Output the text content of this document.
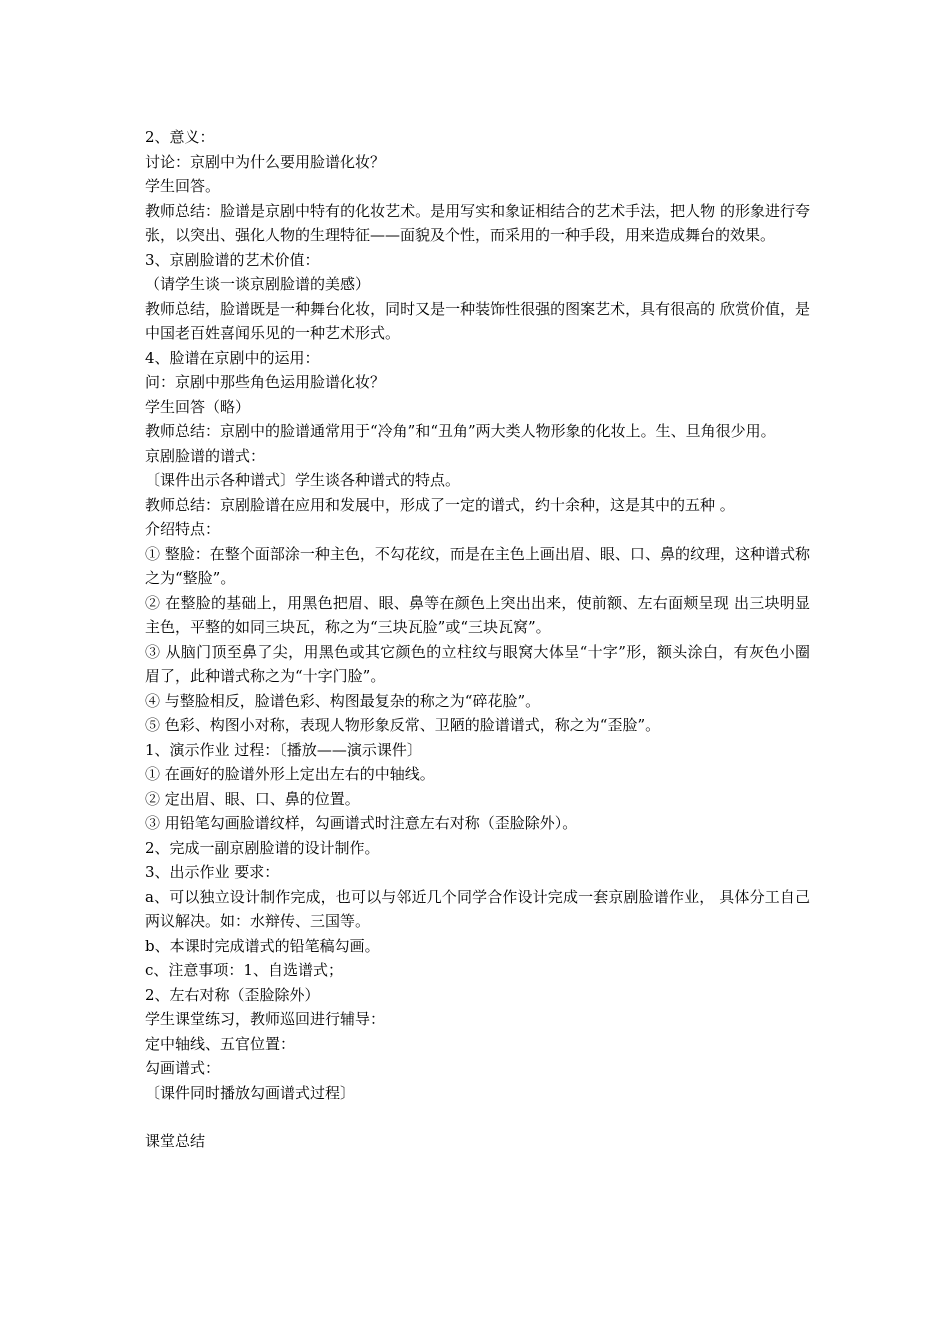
2、意义：

讨论：京剧中为什么要用脸谱化妆？

学生回答。

教师总结：脸谱是京剧中特有的化妆艺术。是用写实和象证相结合的艺术手法，把人物 的形象进行夸张，以突出、强化人物的生理特征——面貌及个性，而采用的一种手段，用来造成舞台的效果。

3、京剧脸谱的艺术价值：

（请学生谈一谈京剧脸谱的美感）

教师总结，脸谱既是一种舞台化妆，同时又是一种装饰性很强的图案艺术，具有很高的 欣赏价值，是中国老百姓喜闻乐见的一种艺术形式。

4、脸谱在京剧中的运用：

问：京剧中那些角色运用脸谱化妆？

学生回答（略）

教师总结：京剧中的脸谱通常用于“冷角”和“丑角”两大类人物形象的化妆上。生、旦角很少用。

京剧脸谱的谱式：

〔课件出示各种谱式〕学生谈各种谱式的特点。

教师总结：京剧脸谱在应用和发展中，形成了一定的谱式，约十余种，这是其中的五种 。

介绍特点：

① 整脸：在整个面部涂一种主色，不勾花纹，而是在主色上画出眉、眼、口、鼻的纹理，这种谱式称之为“整脸”。

② 在整脸的基础上，用黑色把眉、眼、鼻等在颜色上突出出来，使前额、左右面颊呈现 出三块明显主色，平整的如同三块瓦，称之为“三块瓦脸”或“三块瓦窝”。

③ 从脑门顶至鼻了尖，用黑色或其它颜色的立柱纹与眼窝大体呈“十字”形，额头涂白，有灰色小圈眉了，此种谱式称之为“十字门脸”。

④ 与整脸相反，脸谱色彩、构图最复杂的称之为“碎花脸”。

⑤ 色彩、构图小对称，表现人物形象反常、卫陋的脸谱谱式，称之为“歪脸”。

1、演示作业 过程：〔播放——演示课件〕

① 在画好的脸谱外形上定出左右的中轴线。

② 定出眉、眼、口、鼻的位置。

③ 用铅笔勾画脸谱纹样，勾画谱式时注意左右对称（歪脸除外）。

2、完成一副京剧脸谱的设计制作。

3、出示作业 要求：

a、可以独立设计制作完成，也可以与邻近几个同学合作设计完成一套京剧脸谱作业， 具体分工自己两议解决。如：水辩传、三国等。

b、本课时完成谱式的铅笔稿勾画。

c、注意事项：1、自选谱式；

2、左右对称（歪脸除外）

学生课堂练习，教师巡回进行辅导：

定中轴线、五官位置：

勾画谱式：

〔课件同时播放勾画谱式过程〕

课堂总结
